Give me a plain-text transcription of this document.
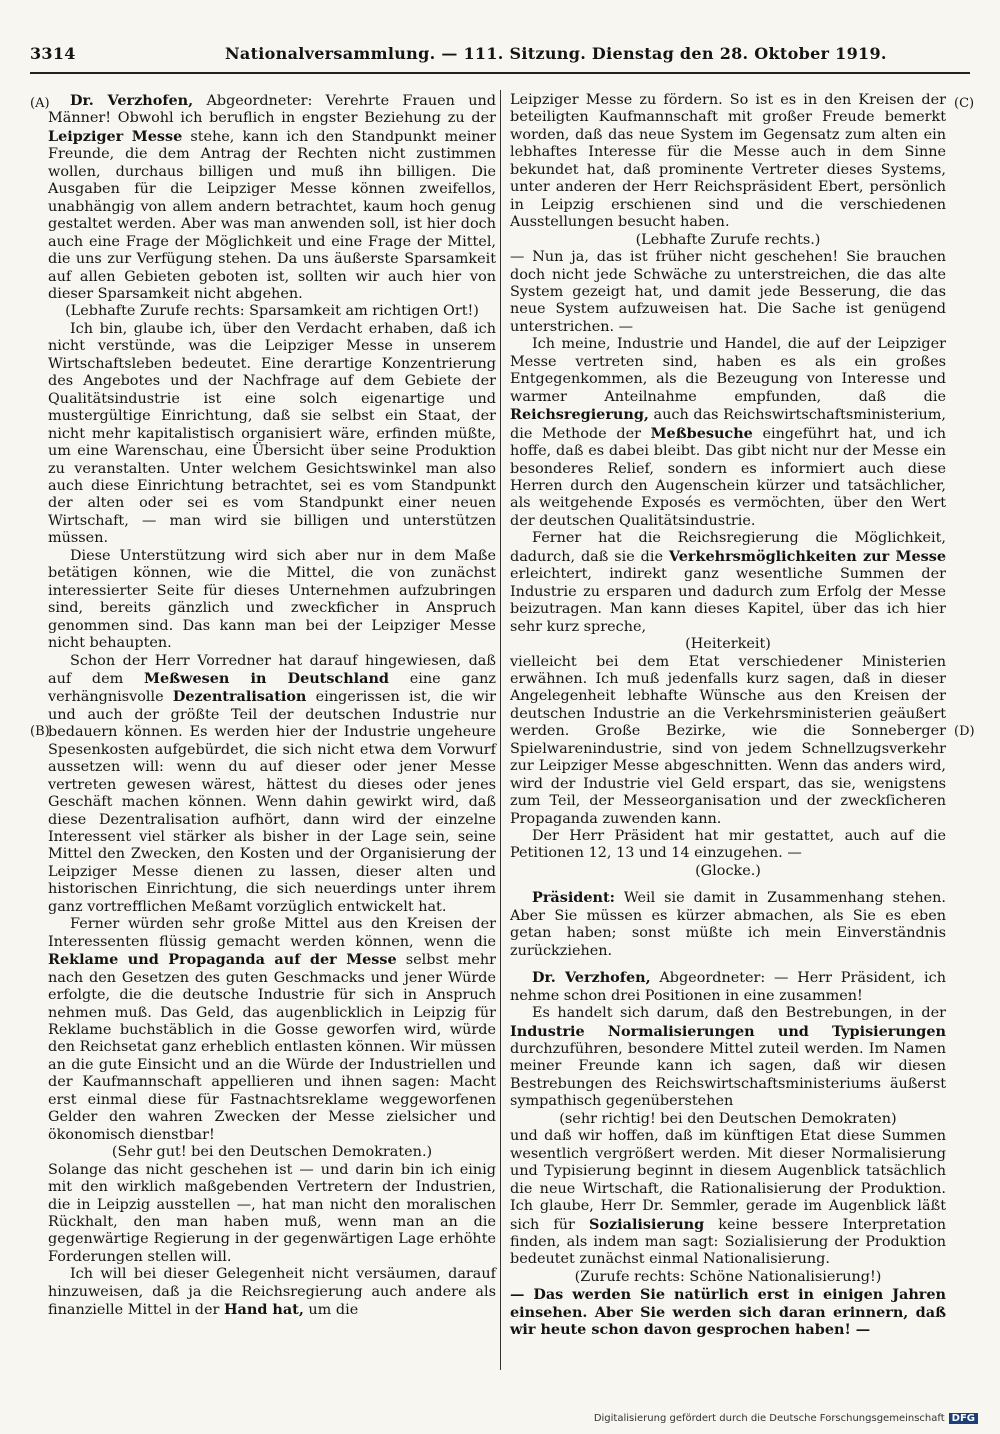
3314	Nationalversammlung. — 111. Sitzung. Dienstag den 28. Oktober 1919.
(A)
(B)
(C)
(D)

Dr. Verzhofen, Abgeordneter: Verehrte Frauen und Männer! Obwohl ich beruflich in engster Beziehung zu der Leipziger Messe stehe, kann ich den Standpunkt meiner Freunde, die dem Antrag der Rechten nicht zustimmen wollen, durchaus billigen und muß ihn billigen. Die Ausgaben für die Leipziger Messe können zweifellos, unabhängig von allem andern betrachtet, kaum hoch genug gestaltet werden. Aber was man anwenden soll, ist hier doch auch eine Frage der Möglichkeit und eine Frage der Mittel, die uns zur Verfügung stehen. Da uns äußerste Sparsamkeit auf allen Gebieten geboten ist, sollten wir auch hier von dieser Sparsamkeit nicht abgehen.

(Lebhafte Zurufe rechts: Sparsamkeit am richtigen Ort!)

Ich bin, glaube ich, über den Verdacht erhaben, daß ich nicht verstünde, was die Leipziger Messe in unserem Wirtschaftsleben bedeutet. Eine derartige Konzentrierung des Angebotes und der Nachfrage auf dem Gebiete der Qualitätsindustrie ist eine solch eigenartige und mustergültige Einrichtung, daß sie selbst ein Staat, der nicht mehr kapitalistisch organisiert wäre, erfinden müßte, um eine Warenschau, eine Übersicht über seine Produktion zu veranstalten. Unter welchem Gesichtswinkel man also auch diese Einrichtung betrachtet, sei es vom Standpunkt der alten oder sei es vom Standpunkt einer neuen Wirtschaft, — man wird sie billigen und unterstützen müssen.

Diese Unterstützung wird sich aber nur in dem Maße betätigen können, wie die Mittel, die von zunächst interessierter Seite für dieses Unternehmen aufzubringen sind, bereits gänzlich und zweckficher in Anspruch genommen sind. Das kann man bei der Leipziger Messe nicht behaupten.

Schon der Herr Vorredner hat darauf hingewiesen, daß auf dem Meßwesen in Deutschland eine ganz verhängnisvolle Dezentralisation eingerissen ist, die wir und auch der größte Teil der deutschen Industrie nur bedauern können. Es werden hier der Industrie ungeheure Spesenkosten aufgebürdet, die sich nicht etwa dem Vorwurf aussetzen will: wenn du auf dieser oder jener Messe vertreten gewesen wärest, hättest du dieses oder jenes Geschäft machen können. Wenn dahin gewirkt wird, daß diese Dezentralisation aufhört, dann wird der einzelne Interessent viel stärker als bisher in der Lage sein, seine Mittel den Zwecken, den Kosten und der Organisierung der Leipziger Messe dienen zu lassen, dieser alten und historischen Einrichtung, die sich neuerdings unter ihrem ganz vortrefflichen Meßamt vorzüglich entwickelt hat.

Ferner würden sehr große Mittel aus den Kreisen der Interessenten flüssig gemacht werden können, wenn die Reklame und Propaganda auf der Messe selbst mehr nach den Gesetzen des guten Geschmacks und jener Würde erfolgte, die die deutsche Industrie für sich in Anspruch nehmen muß. Das Geld, das augenblicklich in Leipzig für Reklame buchstäblich in die Gosse geworfen wird, würde den Reichsetat ganz erheblich entlasten können. Wir müssen an die gute Einsicht und an die Würde der Industriellen und der Kaufmannschaft appellieren und ihnen sagen: Macht erst einmal diese für Fastnachtsreklame weggeworfenen Gelder den wahren Zwecken der Messe zielsicher und ökonomisch dienstbar!

(Sehr gut! bei den Deutschen Demokraten.)

Solange das nicht geschehen ist — und darin bin ich einig mit den wirklich maßgebenden Vertretern der Industrien, die in Leipzig ausstellen —, hat man nicht den moralischen Rückhalt, den man haben muß, wenn man an die gegenwärtige Regierung in der gegenwärtigen Lage erhöhte Forderungen stellen will.

Ich will bei dieser Gelegenheit nicht versäumen, darauf hinzuweisen, daß ja die Reichsregierung auch andere als finanzielle Mittel in der Hand hat, um die

Leipziger Messe zu fördern. So ist es in den Kreisen der beteiligten Kaufmannschaft mit großer Freude bemerkt worden, daß das neue System im Gegensatz zum alten ein lebhaftes Interesse für die Messe auch in dem Sinne bekundet hat, daß prominente Vertreter dieses Systems, unter anderen der Herr Reichspräsident Ebert, persönlich in Leipzig erschienen sind und die verschiedenen Ausstellungen besucht haben.

(Lebhafte Zurufe rechts.)

— Nun ja, das ist früher nicht geschehen! Sie brauchen doch nicht jede Schwäche zu unterstreichen, die das alte System gezeigt hat, und damit jede Besserung, die das neue System aufzuweisen hat. Die Sache ist genügend unterstrichen. —

Ich meine, Industrie und Handel, die auf der Leipziger Messe vertreten sind, haben es als ein großes Entgegenkommen, als die Bezeugung von Interesse und warmer Anteilnahme empfunden, daß die Reichsregierung, auch das Reichswirtschaftsministerium, die Methode der Meßbesuche eingeführt hat, und ich hoffe, daß es dabei bleibt. Das gibt nicht nur der Messe ein besonderes Relief, sondern es informiert auch diese Herren durch den Augenschein kürzer und tatsächlicher, als weitgehende Exposés es vermöchten, über den Wert der deutschen Qualitätsindustrie.

Ferner hat die Reichsregierung die Möglichkeit, dadurch, daß sie die Verkehrsmöglichkeiten zur Messe erleichtert, indirekt ganz wesentliche Summen der Industrie zu ersparen und dadurch zum Erfolg der Messe beizutragen. Man kann dieses Kapitel, über das ich hier sehr kurz spreche,

(Heiterkeit)

vielleicht bei dem Etat verschiedener Ministerien erwähnen. Ich muß jedenfalls kurz sagen, daß in dieser Angelegenheit lebhafte Wünsche aus den Kreisen der deutschen Industrie an die Verkehrsministerien geäußert werden. Große Bezirke, wie die Sonneberger Spielwarenindustrie, sind von jedem Schnellzugsverkehr zur Leipziger Messe abgeschnitten. Wenn das anders wird, wird der Industrie viel Geld erspart, das sie, wenigstens zum Teil, der Messeorganisation und der zweckſicheren Propaganda zuwenden kann.

Der Herr Präsident hat mir gestattet, auch auf die Petitionen 12, 13 und 14 einzugehen. —

(Glocke.)

Präsident: Weil sie damit in Zusammenhang stehen. Aber Sie müssen es kürzer abmachen, als Sie es eben getan haben; sonst müßte ich mein Einverständnis zurückziehen.

Dr. Verzhofen, Abgeordneter: — Herr Präsident, ich nehme schon drei Positionen in eine zusammen!

Es handelt sich darum, daß den Bestrebungen, in der Industrie Normalisierungen und Typisierungen durchzuführen, besondere Mittel zuteil werden. Im Namen meiner Freunde kann ich sagen, daß wir diesen Bestrebungen des Reichswirtschaftsministeriums äußerst sympathisch gegenüberstehen

(sehr richtig! bei den Deutschen Demokraten)

und daß wir hoffen, daß im künftigen Etat diese Summen wesentlich vergrößert werden. Mit dieser Normalisierung und Typisierung beginnt in diesem Augenblick tatsächlich die neue Wirtschaft, die Rationalisierung der Produktion. Ich glaube, Herr Dr. Semmler, gerade im Augenblick läßt sich für Sozialisierung keine bessere Interpretation finden, als indem man sagt: Sozialisierung der Produktion bedeutet zunächst einmal Nationalisierung.

(Zurufe rechts: Schöne Nationalisierung!)

— Das werden Sie natürlich erst in einigen Jahren einsehen. Aber Sie werden sich daran erinnern, daß wir heute schon davon gesprochen haben! —

Digitalisierung gefördert durch die Deutsche Forschungsgemeinschaft DFG
